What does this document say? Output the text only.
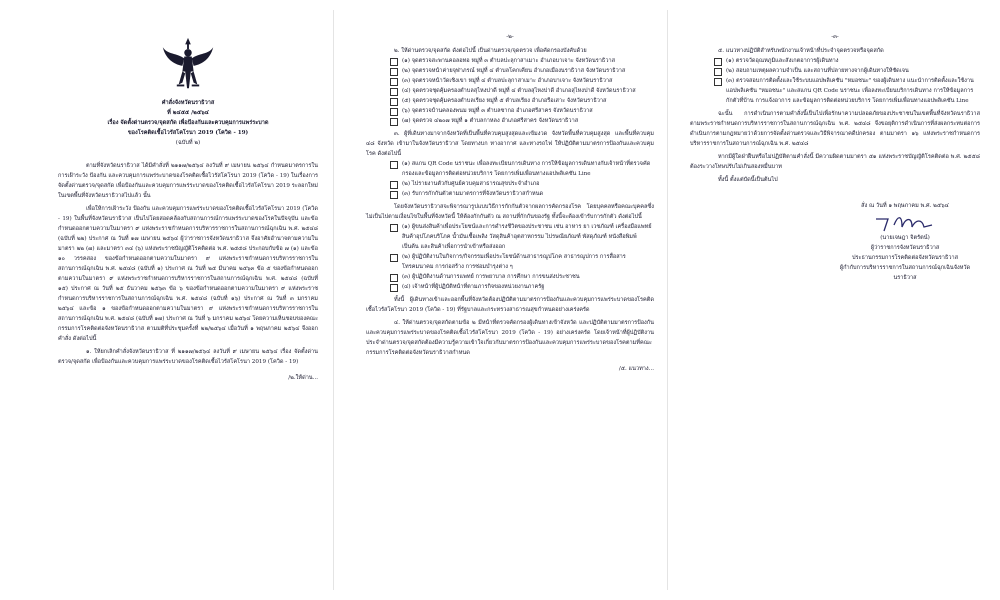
คำสั่งจังหวัดนราธิวาส

ที่ ๒๔๕๕ /๒๕๖๔

เรื่อง จัดตั้งด่านตรวจ/จุดสกัด เพื่อป้องกันและควบคุมการแพร่ระบาด

ของโรคติดเชื้อไวรัสโคโรนา 2019 (โควิด - 19)

(ฉบับที่ ๒)

ตามที่จังหวัดนราธิวาส ได้มีคำสั่งที่ ๒๑๑๗/๒๕๖๔ ลงวันที่ ๙ เมษายน ๒๕๖๔ กำหนดมาตรการในการเฝ้าระวัง ป้องกัน และควบคุมการแพร่ระบาดของโรคติดเชื้อไวรัสโคโรนา 2019 (โควิด - 19) ในเรื่องการจัดตั้งด่านตรวจ/จุดสกัด เพื่อป้องกันและควบคุมการแพร่ระบาดของโรคติดเชื้อไวรัสโคโรนา 2019 ระลอกใหม่ ในเขตพื้นที่จังหวัดนราธิวาสไปแล้ว นั้น

เพื่อให้การเฝ้าระวัง ป้องกัน และควบคุมการแพร่ระบาดของโรคติดเชื้อไวรัสโคโรนา 2019 (โควิด - 19) ในพื้นที่จังหวัดนราธิวาส เป็นไปโดยสอดคล้องกับสถานการณ์การแพร่ระบาดของโรคในปัจจุบัน และข้อกำหนดออกตามความในมาตรา ๙ แห่งพระราชกำหนดการบริหารราชการในสถานการณ์ฉุกเฉิน พ.ศ. ๒๕๔๘ (ฉบับที่ ๒๒) ประกาศ ณ วันที่ ๑๗ เมษายน ๒๕๖๔ ผู้ว่าราชการจังหวัดนราธิวาส จึงอาศัยอำนาจตามความในมาตรา ๒๒ (๗) และมาตรา ๓๔ (๖) แห่งพระราชบัญญัติโรคติดต่อ พ.ศ. ๒๕๕๘ ประกอบกับข้อ ๗ (๑) และข้อ ๑๐ วรรคสอง ของข้อกำหนดออกตามความในมาตรา ๙ แห่งพระราชกำหนดการบริหารราชการในสถานการณ์ฉุกเฉิน พ.ศ. ๒๕๔๘ (ฉบับที่ ๑) ประกาศ ณ วันที่ ๒๕ มีนาคม ๒๕๖๓ ข้อ ๕ ของข้อกำหนดออกตามความในมาตรา ๙ แห่งพระราชกำหนดการบริหารราชการในสถานการณ์ฉุกเฉิน พ.ศ. ๒๕๔๘ (ฉบับที่ ๑๕) ประกาศ ณ วันที่ ๒๕ ธันวาคม ๒๕๖๓ ข้อ ๖ ของข้อกำหนดออกตามความในมาตรา ๙ แห่งพระราชกำหนดการบริหารราชการในสถานการณ์ฉุกเฉิน พ.ศ. ๒๕๔๘ (ฉบับที่ ๑๖) ประกาศ ณ วันที่ ๓ มกราคม ๒๕๖๔ และข้อ ๑ ของข้อกำหนดออกตามความในมาตรา ๙ แห่งพระราชกำหนดการบริหารราชการในสถานการณ์ฉุกเฉิน พ.ศ. ๒๕๔๘ (ฉบับที่ ๑๗) ประกาศ ณ วันที่ ๖ มกราคม ๒๕๖๔ โดยความเห็นชอบของคณะกรรมการโรคติดต่อจังหวัดนราธิวาส ตามมติที่ประชุมครั้งที่ ๒๒/๒๕๖๔ เมื่อวันที่ ๑ พฤษภาคม ๒๕๖๔ จึงออกคำสั่ง ดังต่อไปนี้

๑. ให้ยกเลิกคำสั่งจังหวัดนราธิวาส ที่ ๒๑๑๗/๒๕๖๔ ลงวันที่ ๙ เมษายน ๒๕๖๔ เรื่อง จัดตั้งด่านตรวจ/จุดสกัด เพื่อป้องกันและควบคุมการแพร่ระบาดของโรคติดเชื้อไวรัสโคโรนา 2019 (โควิด - 19)

/๒.ให้ด่าน...

-๒-

๒. ให้ด่านตรวจ/จุดสกัด ดังต่อไปนี้ เป็นด่านตรวจ/จุดตรวจ เพื่อคัดกรองบังคับด้วย

(๑) จุดตรวจสะพานคอลอทอ หมู่ที่ ๓ ตำบลปะลุกาสาเมาะ อำเภอบาเจาะ จังหวัดนราธิวาส
(๒) จุดตรวจหน้าค่ายจุฬาภรณ์ หมู่ที่ ๔ ตำบลโคกเคียน อำเภอเมืองนราธิวาส จังหวัดนราธิวาส
(๓) จุดตรวจหน้าวัดเชิงเขา หมู่ที่ ๔ ตำบลปะลุกาสาเมาะ อำเภอบาเจาะ จังหวัดนราธิวาส
(๔) จุดตรวจชุดคุ้มครองตำบลสุไหงปาดี หมู่ที่ ๔ ตำบลสุไหงปาดี อำเภอสุไหงปาดี จังหวัดนราธิวาส
(๕) จุดตรวจชุดคุ้มครองตำบลเรียง หมู่ที่ ๕ ตำบลเรียง อำเภอรือเสาะ จังหวัดนราธิวาส
(๖) จุดตรวจบ้านคลองพนม หมู่ที่ ๓ ตำบลซากอ อำเภอศรีสาคร จังหวัดนราธิวาส
(๗) จุดตรวจ ๔๒๐๗ หมู่ที่ ๑ ตำบลกาหลง อำเภอศรีสาคร จังหวัดนราธิวาส

๓. ผู้ที่เดินทางมาจากจังหวัดที่เป็นพื้นที่ควบคุมสูงสุดและเข้มงวด จังหวัดพื้นที่ควบคุมสูงสุด และพื้นที่ควบคุม ๔๘ จังหวัด เข้ามาในจังหวัดนราธิวาส โดยทางบก ทางอากาศ และทางรถไฟ ให้ปฏิบัติตามมาตรการป้องกันและควบคุมโรค ดังต่อไปนี้

(๑) สแกน QR Code นราชนะ เพื่อลงทะเบียนการเดินทาง การให้ข้อมูลการเดินทางกับเจ้าหน้าที่ตรวจคัดกรองและข้อมูลการติดต่อหน่วยบริการ โดยการเพิ่มเพื่อนทางแอปพลิเคชัน Line
(๒) ไปรายงานตัวกับศูนย์ควบคุมสาธารณสุขประจำอำเภอ
(๓) รับการกักกันตัวตามมาตรการที่จังหวัดนราธิวาสกำหนด

โดยจังหวัดนราธิวาสจะพิจารณารูปแบบวิธีการกักกันตัวจากผลการคัดกรองโรค โดยบุคคลหรือคณะบุคคลซึ่งไม่เป็นไปตามเงื่อนไขในพื้นที่จังหวัดนี้ ให้ต้องกักกันตัว ณ สถานที่กักกันของรัฐ ทั้งนี้จะต้องเข้ารับการกักตัว ดังต่อไปนี้

(๑) ผู้ขนส่งสินค้าเพื่อประโยชน์และการดำรงชีวิตของประชาชน เช่น อาหาร ยา เวชภัณฑ์ เครื่องมือแพทย์ สินค้าอุปโภคบริโภค น้ำมันเชื้อเพลิง วัสดุสินค้าอุตสาหกรรม ไปรษณียภัณฑ์ พัสดุภัณฑ์ หนังสือพิมพ์ เป็นต้น และสินค้าเพื่อการนำเข้าหรือส่งออก
(๒) ผู้ปฏิบัติงานในกิจการ/กิจกรรมเพื่อประโยชน์ด้านสาธารณูปโภค สาธารณูปการ การสื่อสารโทรคมนาคม การก่อสร้าง การซ่อมบำรุงต่าง ๆ
(๓) ผู้ปฏิบัติงานด้านการแพทย์ การพยาบาล การศึกษา การขนส่งประชาชน
(๔) เจ้าหน้าที่ผู้ปฏิบัติหน้าที่ตามภารกิจของหน่วยงานภาครัฐ

ทั้งนี้ ผู้เดินทางเข้าและออกพื้นที่จังหวัดต้องปฏิบัติตามมาตรการป้องกันและควบคุมการแพร่ระบาดของโรคติดเชื้อไวรัสโคโรนา 2019 (โควิด - 19) ที่รัฐบาลและกระทรวงสาธารณสุขกำหนดอย่างเคร่งครัด

๔. ให้ด่านตรวจ/จุดสกัดตามข้อ ๒ มีหน้าที่ตรวจคัดกรองผู้เดินทางเข้าจังหวัด และปฏิบัติตามมาตรการป้องกันและควบคุมการแพร่ระบาดของโรคติดเชื้อไวรัสโคโรนา 2019 (โควิด - 19) อย่างเคร่งครัด โดยเจ้าหน้าที่ผู้ปฏิบัติงานประจำด่านตรวจ/จุดสกัดต้องมีความรู้ความเข้าใจเกี่ยวกับมาตรการป้องกันและควบคุมการแพร่ระบาดของโรคตามที่คณะกรรมการโรคติดต่อจังหวัดนราธิวาสกำหนด

/๕. แนวทาง...

-๓-

๕. แนวทางปฏิบัติสำหรับพนักงานเจ้าหน้าที่ประจำจุดตรวจหรือจุดสกัด

(๑) ตรวจวัดอุณหภูมิและสังเกตอาการผู้เดินทาง
(๒) สอบถามเหตุผลความจำเป็น และสถานที่ปลายทางจากผู้เดินทางให้ชัดเจน
(๓) ตรวจสอบการติดตั้งและใช้ระบบแอปพลิเคชัน "หมอชนะ" ของผู้เดินทาง แนะนำการติดตั้งและใช้งานแอปพลิเคชัน "หมอชนะ" และสแกน QR Code นราชนะ เพื่อลงทะเบียนบริการเดินทาง การให้ข้อมูลการกักตัวที่บ้าน การแจ้งอาการ และข้อมูลการติดต่อหน่วยบริการ โดยการเพิ่มเพื่อนทางแอปพลิเคชัน Line

ฉะนั้น การดำเนินการตามคำสั่งนี้เป็นไปเพื่อรักษาความปลอดภัยของประชาชนในเขตพื้นที่จังหวัดนราธิวาส ตามพระราชกำหนดการบริหารราชการในสถานการณ์ฉุกเฉิน พ.ศ. ๒๕๔๘ จึงขอยุติการดำเนินการที่ส่งผลกระทบต่อการดำเนินการตามกฎหมายว่าด้วยการจัดตั้งด่านตรวจและวิธีพิจารณาคดีปกครอง ตามมาตรา ๑๖ แห่งพระราชกำหนดการบริหารราชการในสถานการณ์ฉุกเฉิน พ.ศ. ๒๕๔๘

หากมีผู้ใดฝ่าฝืนหรือไม่ปฏิบัติตามคำสั่งนี้ มีความผิดตามมาตรา ๕๑ แห่งพระราชบัญญัติโรคติดต่อ พ.ศ. ๒๕๕๘ ต้องระวางโทษปรับไม่เกินสองหมื่นบาท

ทั้งนี้ ตั้งแต่บัดนี้เป็นต้นไป

สั่ง ณ วันที่ ๑ พฤษภาคม พ.ศ. ๒๕๖๔

(นายเจษฎา จิตรัตน์)

ผู้ว่าราชการจังหวัดนราธิวาส

ประธานกรรมการโรคติดต่อจังหวัดนราธิวาส

ผู้กำกับการบริหารราชการในสถานการณ์ฉุกเฉินจังหวัดนราธิวาส
